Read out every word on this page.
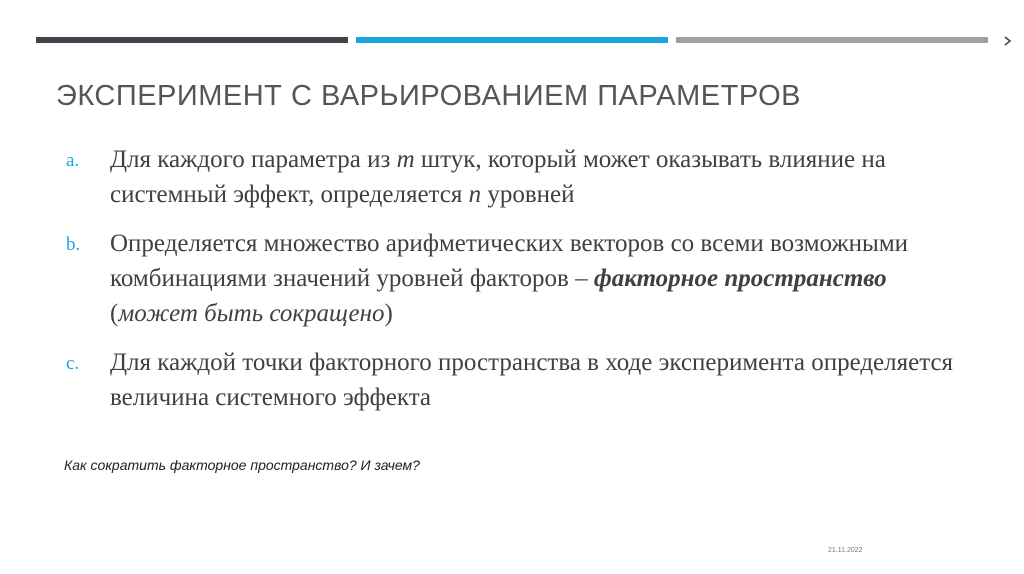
ЭКСПЕРИМЕНТ С ВАРЬИРОВАНИЕМ ПАРАМЕТРОВ
a. Для каждого параметра из m штук, который может оказывать влияние на системный эффект, определяется n уровней
b. Определяется множество арифметических векторов со всеми возможными комбинациями значений уровней факторов – факторное пространство (может быть сокращено)
c. Для каждой точки факторного пространства в ходе эксперимента определяется величина системного эффекта
Как сократить факторное пространство? И зачем?
21.11.2022
